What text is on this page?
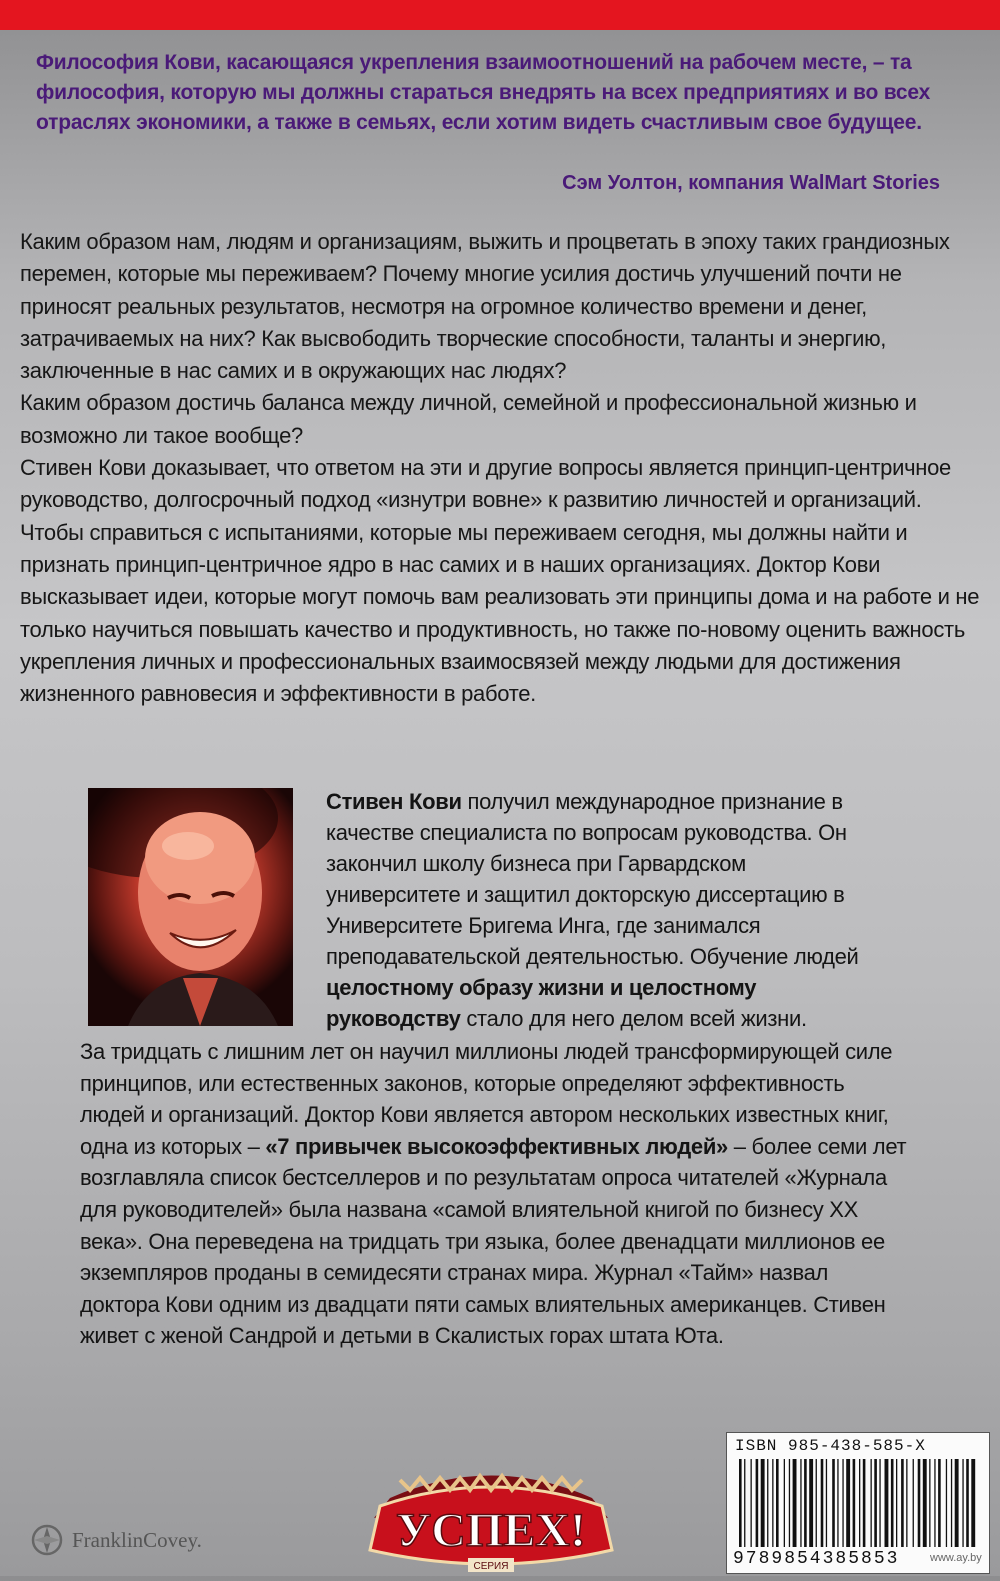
Философия Кови, касающаяся укрепления взаимоотношений на рабочем месте, – та философия, которую мы должны стараться внедрять на всех предприятиях и во всех отраслях экономики, а также в семьях, если хотим видеть счастливым свое будущее.
Сэм Уолтон, компания WalMart Stories

Каким образом нам, людям и организациям, выжить и процветать в эпоху таких грандиозных перемен, которые мы переживаем? Почему многие усилия достичь улучшений почти не приносят реальных результатов, несмотря на огромное количество времени и денег, затрачиваемых на них? Как высвободить творческие способности, таланты и энергию, заключенные в нас самих и в окружающих нас людях?

Каким образом достичь баланса между личной, семейной и профессиональной жизнью и возможно ли такое вообще?

Стивен Кови доказывает, что ответом на эти и другие вопросы является принцип-центричное руководство, долгосрочный подход «изнутри вовне» к развитию личностей и организаций. Чтобы справиться с испытаниями, которые мы переживаем сегодня, мы должны найти и признать принцип-центричное ядро в нас самих и в наших организациях. Доктор Кови высказывает идеи, которые могут помочь вам реализовать эти принципы дома и на работе и не только научиться повышать качество и продуктивность, но также по-новому оценить важность укрепления личных и профессиональных взаимосвязей между людьми для достижения жизненного равновесия и эффективности в работе.

Стивен Кови получил международное признание в качестве специалиста по вопросам руководства. Он закончил школу бизнеса при Гарвардском университете и защитил докторскую диссертацию в Университете Бригема Инга, где занимался преподавательской деятельностью. Обучение людей целостному образу жизни и целостному руководству стало для него делом всей жизни.

За тридцать с лишним лет он научил миллионы людей трансформирующей силе принципов, или естественных законов, которые определяют эффективность людей и организаций. Доктор Кови является автором нескольких известных книг, одна из которых – «7 привычек высокоэффективных людей» – более семи лет возглавляла список бестселлеров и по результатам опроса читателей «Журнала для руководителей» была названа «самой влиятельной книгой по бизнесу XX века». Она переведена на тридцать три языка, более двенадцати миллионов ее экземпляров проданы в семидесяти странах мира. Журнал «Тайм» назвал доктора Кови одним из двадцати пяти самых влиятельных американцев. Стивен живет с женой Сандрой и детьми в Скалистых горах штата Юта.

FranklinCovey.	УСПЕХ!
СЕРИЯ
ISBN 985-438-585-X
9789854385853	www.ay.by
